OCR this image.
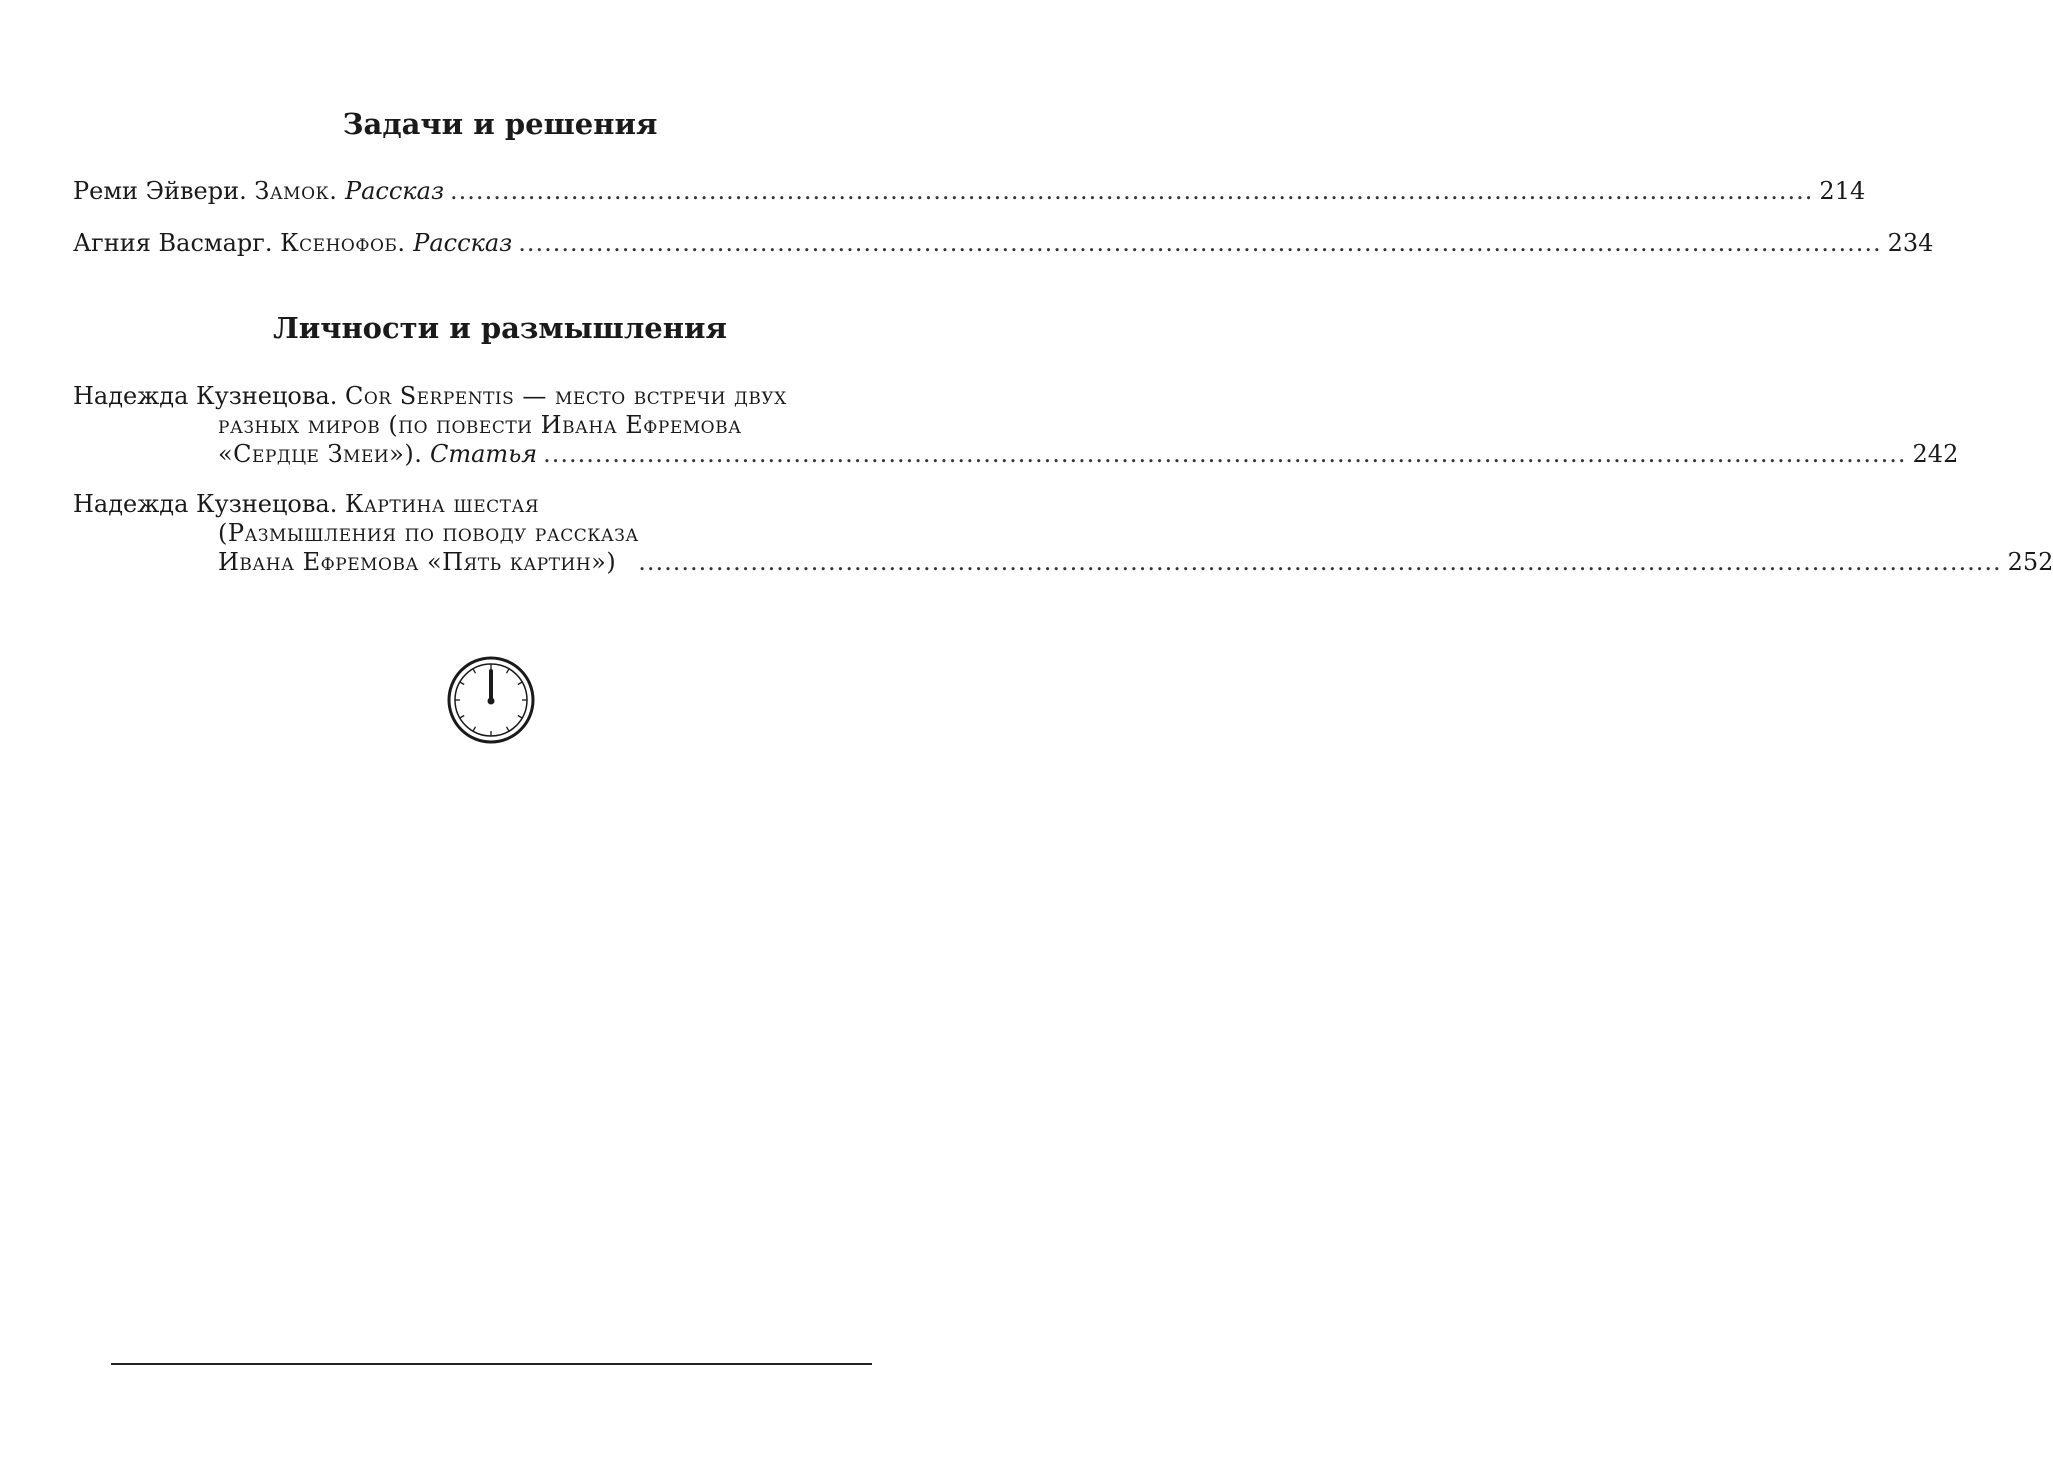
Задачи и решения
Реми Эйвери.
Замок.
Рассказ .............................................................................................................................................................. 214
Агния Васмарг.
Ксенофоб.
Рассказ .............................................................................................................................................................. 234
Личности и размышления
Надежда Кузнецова. Cor Serpentis — место встречи двух
разных миров (по повести Ивана Ефремова
«Сердце Змеи»).
Статья .............................................................................................................................................................. 242
Надежда Кузнецова. Картина шестая
(Размышления по поводу рассказа
Ивана Ефремова «Пять картин») .............................................................................................................................................................. 252
